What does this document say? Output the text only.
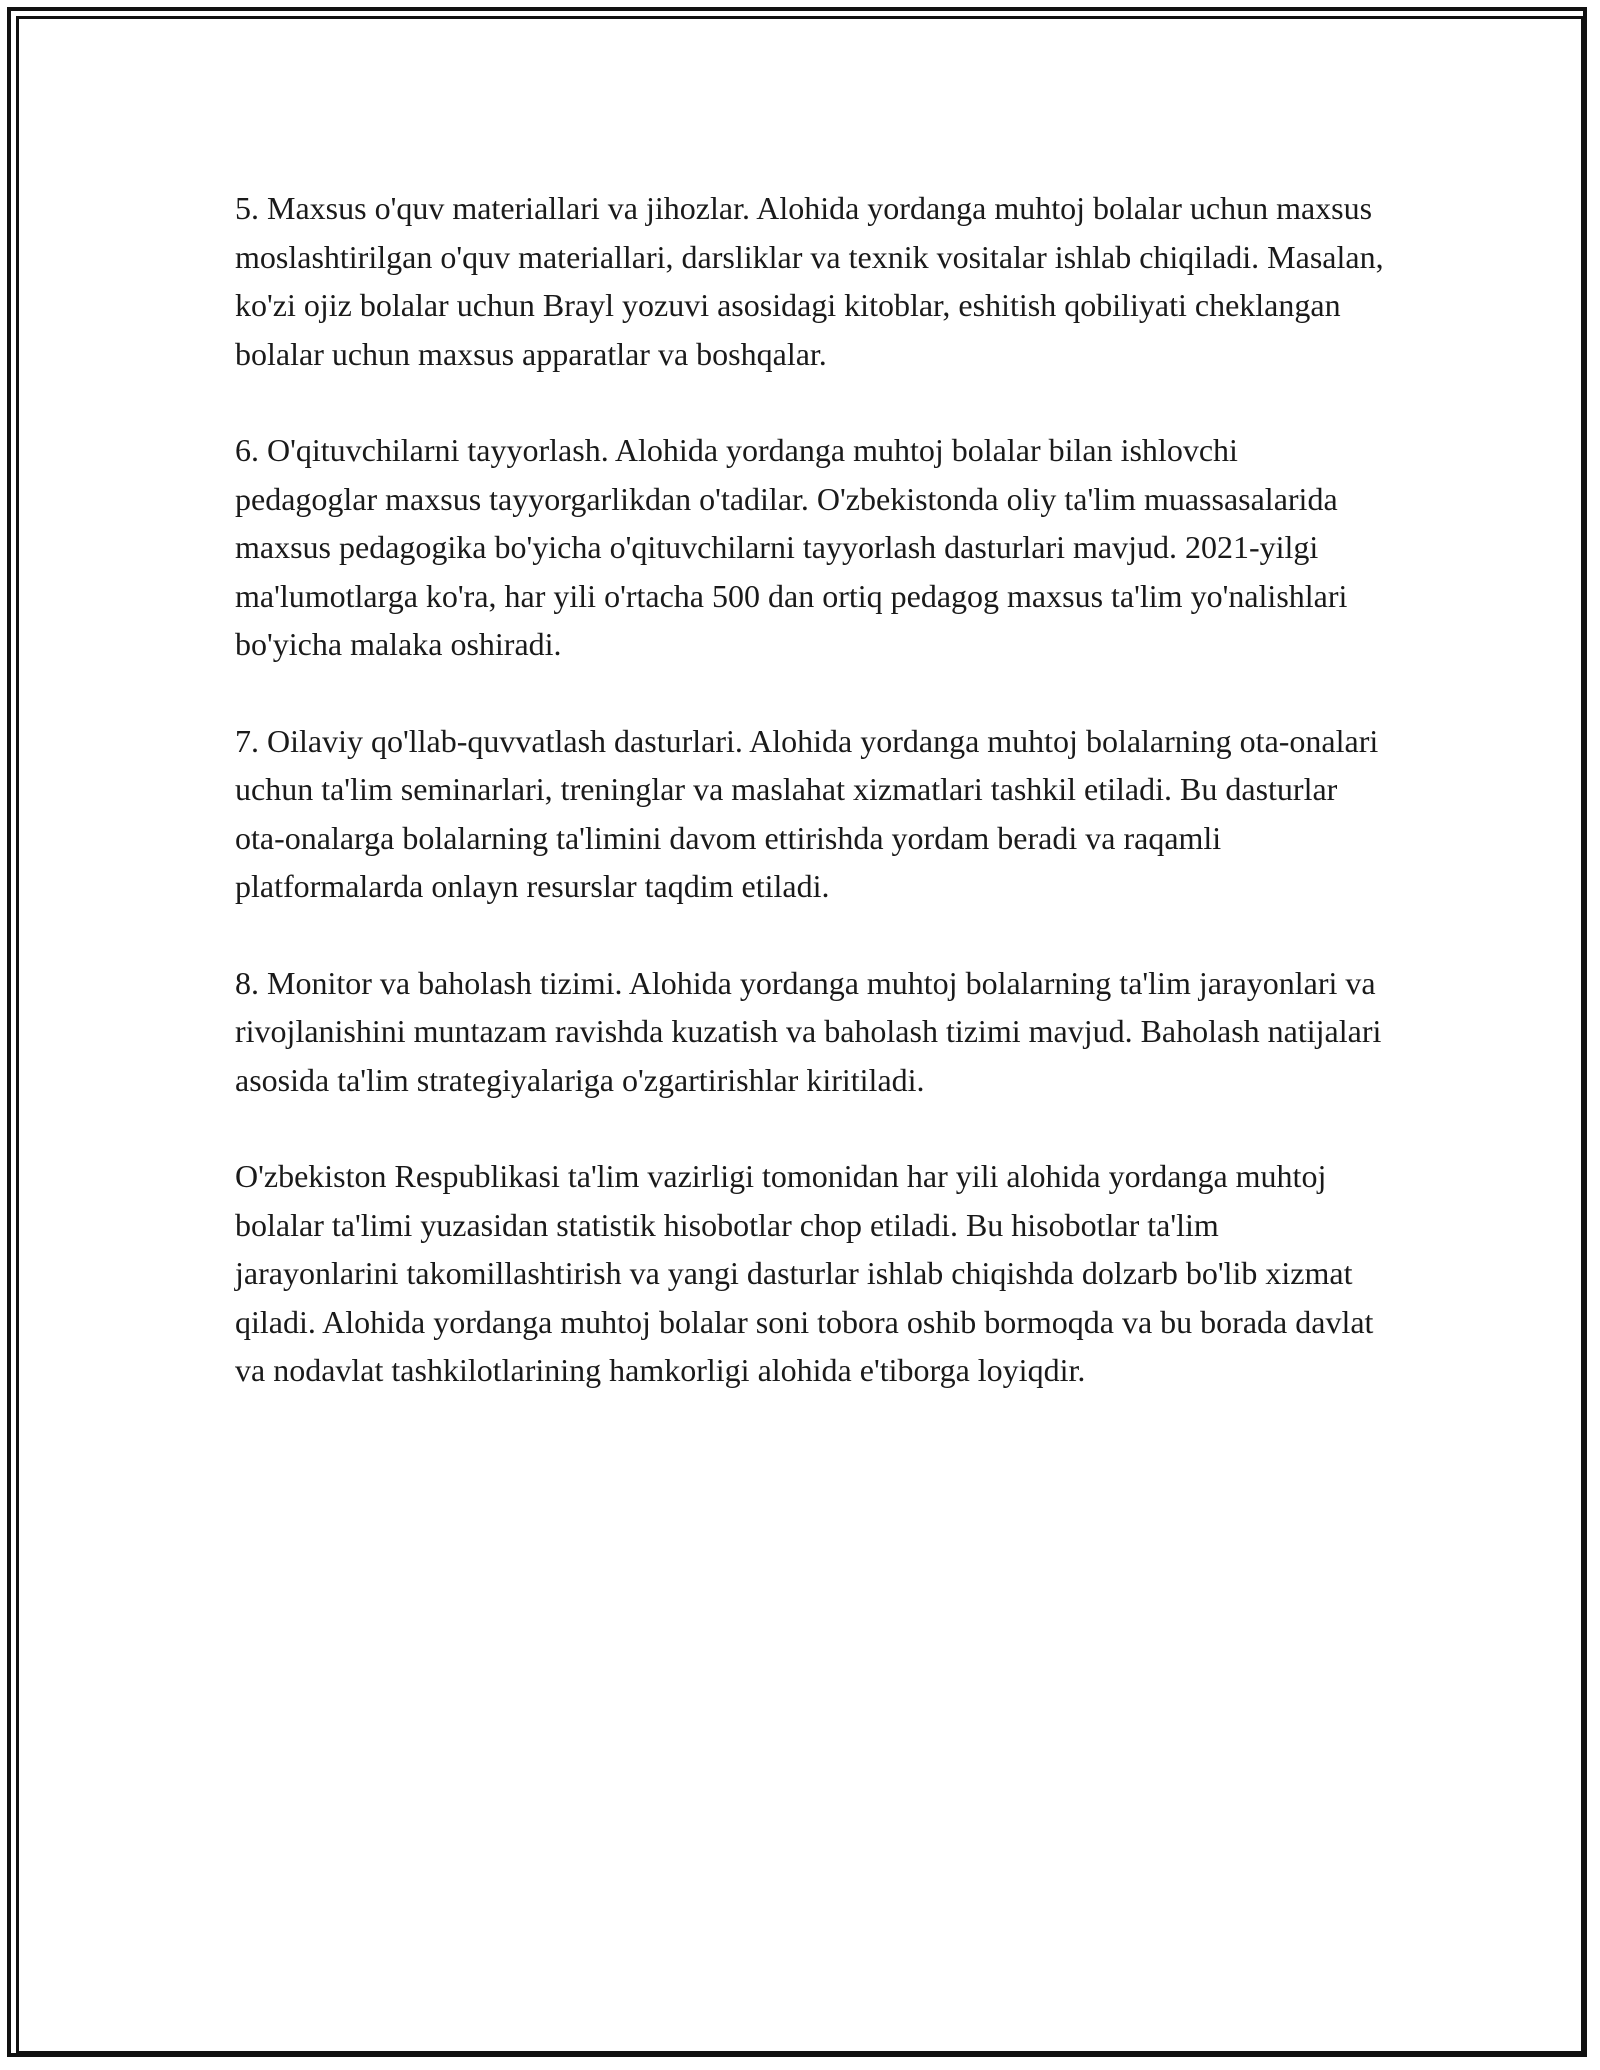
5. Maxsus o'quv materiallari va jihozlar. Alohida yordanga muhtoj bolalar uchun maxsus moslashtirilgan o'quv materiallari, darsliklar va texnik vositalar ishlab chiqiladi. Masalan, ko'zi ojiz bolalar uchun Brayl yozuvi asosidagi kitoblar, eshitish qobiliyati cheklangan bolalar uchun maxsus apparatlar va boshqalar.

6. O'qituvchilarni tayyorlash. Alohida yordanga muhtoj bolalar bilan ishlovchi pedagoglar maxsus tayyorgarlikdan o'tadilar. O'zbekistonda oliy ta'lim muassasalarida maxsus pedagogika bo'yicha o'qituvchilarni tayyorlash dasturlari mavjud. 2021-yilgi ma'lumotlarga ko'ra, har yili o'rtacha 500 dan ortiq pedagog maxsus ta'lim yo'nalishlari bo'yicha malaka oshiradi.

7. Oilaviy qo'llab-quvvatlash dasturlari. Alohida yordanga muhtoj bolalarning ota-onalari uchun ta'lim seminarlari, treninglar va maslahat xizmatlari tashkil etiladi. Bu dasturlar ota-onalarga bolalarning ta'limini davom ettirishda yordam beradi va raqamli platformalarda onlayn resurslar taqdim etiladi.

8. Monitor va baholash tizimi. Alohida yordanga muhtoj bolalarning ta'lim jarayonlari va rivojlanishini muntazam ravishda kuzatish va baholash tizimi mavjud. Baholash natijalari asosida ta'lim strategiyalariga o'zgartirishlar kiritiladi.

O'zbekiston Respublikasi ta'lim vazirligi tomonidan har yili alohida yordanga muhtoj bolalar ta'limi yuzasidan statistik hisobotlar chop etiladi. Bu hisobotlar ta'lim jarayonlarini takomillashtirish va yangi dasturlar ishlab chiqishda dolzarb bo'lib xizmat qiladi. Alohida yordanga muhtoj bolalar soni tobora oshib bormoqda va bu borada davlat va nodavlat tashkilotlarining hamkorligi alohida e'tiborga loyiqdir.
